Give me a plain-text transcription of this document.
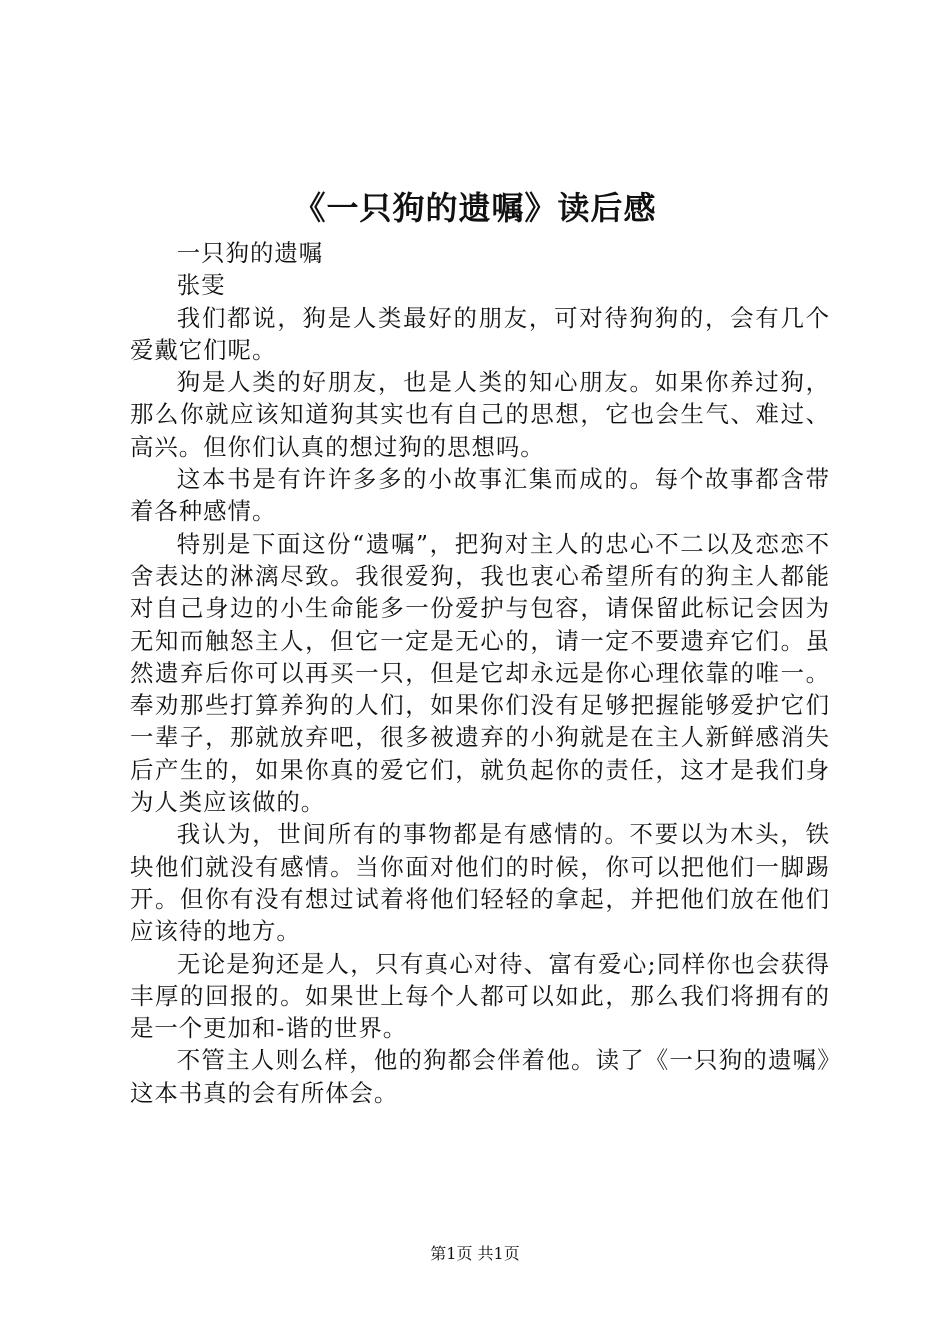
《一只狗的遗嘱》读后感

一只狗的遗嘱

张雯

我们都说，狗是人类最好的朋友，可对待狗狗的，会有几个爱戴它们呢。

狗是人类的好朋友，也是人类的知心朋友。如果你养过狗，那么你就应该知道狗其实也有自己的思想，它也会生气、难过、高兴。但你们认真的想过狗的思想吗。

这本书是有许许多多的小故事汇集而成的。每个故事都含带着各种感情。

特别是下面这份“遗嘱”，把狗对主人的忠心不二以及恋恋不舍表达的淋漓尽致。我很爱狗，我也衷心希望所有的狗主人都能对自己身边的小生命能多一份爱护与包容，请保留此标记会因为无知而触怒主人，但它一定是无心的，请一定不要遗弃它们。虽然遗弃后你可以再买一只，但是它却永远是你心理依靠的唯一。奉劝那些打算养狗的人们，如果你们没有足够把握能够爱护它们一辈子，那就放弃吧，很多被遗弃的小狗就是在主人新鲜感消失后产生的，如果你真的爱它们，就负起你的责任，这才是我们身为人类应该做的。

我认为，世间所有的事物都是有感情的。不要以为木头，铁块他们就没有感情。当你面对他们的时候，你可以把他们一脚踢开。但你有没有想过试着将他们轻轻的拿起，并把他们放在他们应该待的地方。

无论是狗还是人，只有真心对待、富有爱心;同样你也会获得丰厚的回报的。如果世上每个人都可以如此，那么我们将拥有的是一个更加和-谐的世界。

不管主人则么样，他的狗都会伴着他。读了《一只狗的遗嘱》这本书真的会有所体会。

第1页 共1页
